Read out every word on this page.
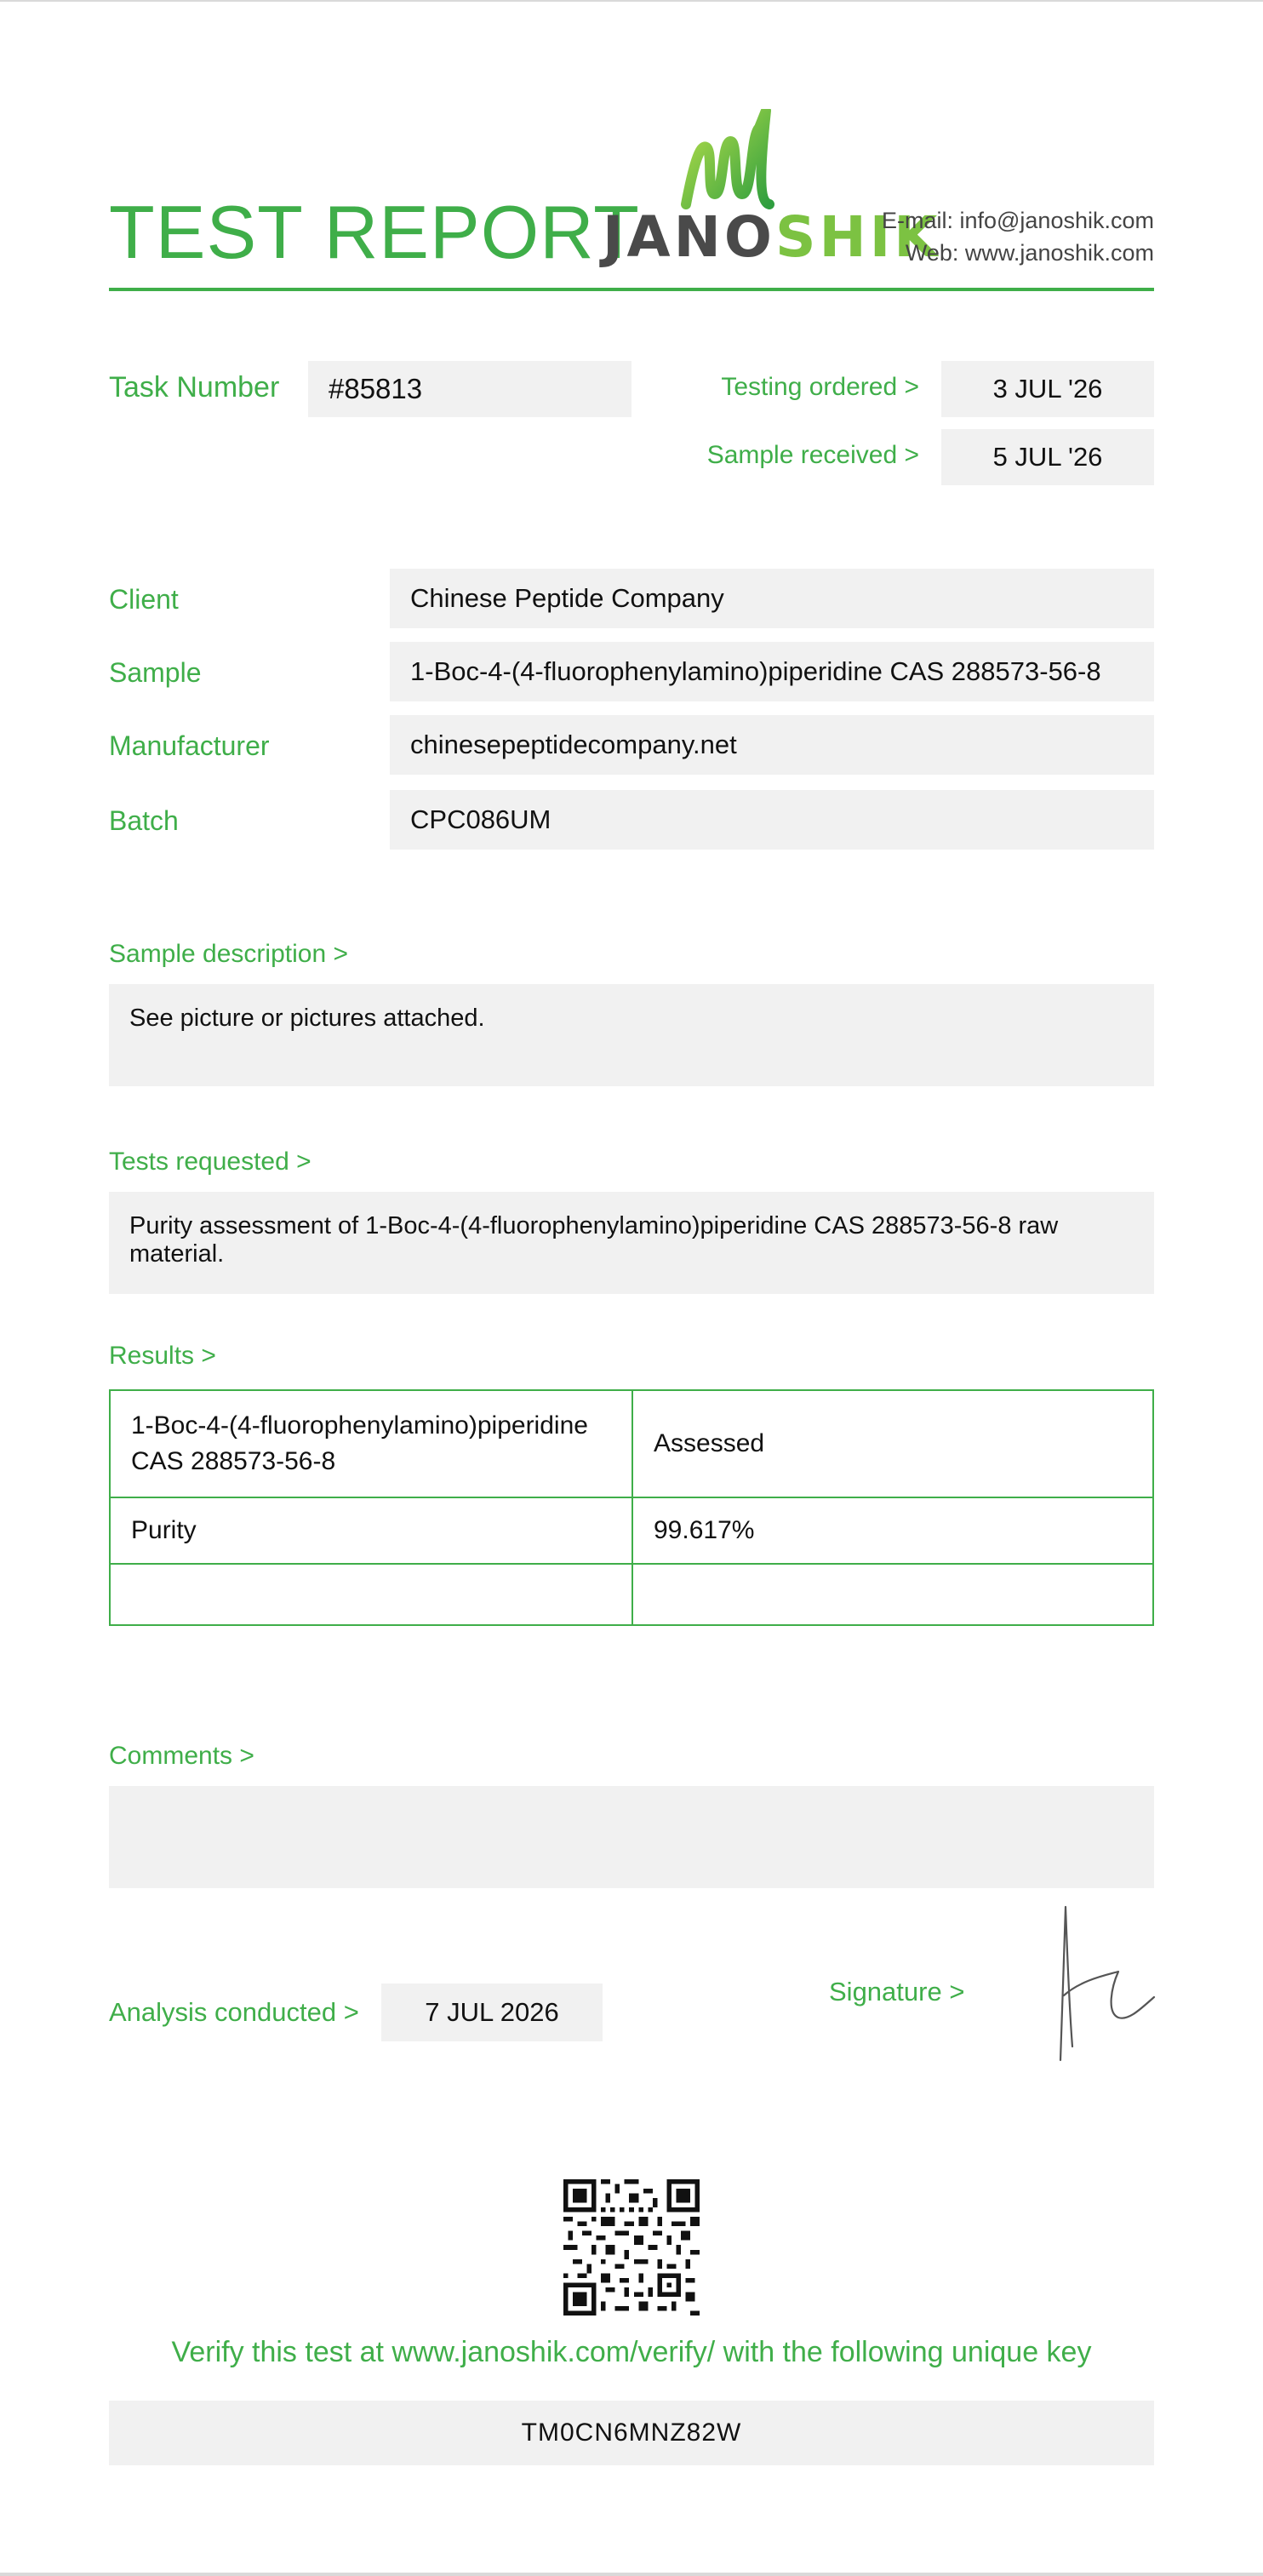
TEST REPORT
JANOSHIK
E-mail: info@janoshik.com
Web: www.janoshik.com
Task Number	#85813	Testing ordered >	3 JUL '26
Sample received >	5 JUL '26
Client	Chinese Peptide Company
Sample	1-Boc-4-(4-fluorophenylamino)piperidine CAS 288573-56-8
Manufacturer	chinesepeptidecompany.net
Batch	CPC086UM
Sample description >
See picture or pictures attached.
Tests requested >
Purity assessment of 1-Boc-4-(4-fluorophenylamino)piperidine CAS 288573-56-8 raw material.
Results >
1-Boc-4-(4-fluorophenylamino)piperidine
CAS 288573-56-8	Assessed
Purity	99.617%

Comments >
Analysis conducted >	7 JUL 2026
Signature >
Verify this test at www.janoshik.com/verify/ with the following unique key
TM0CN6MNZ82W
